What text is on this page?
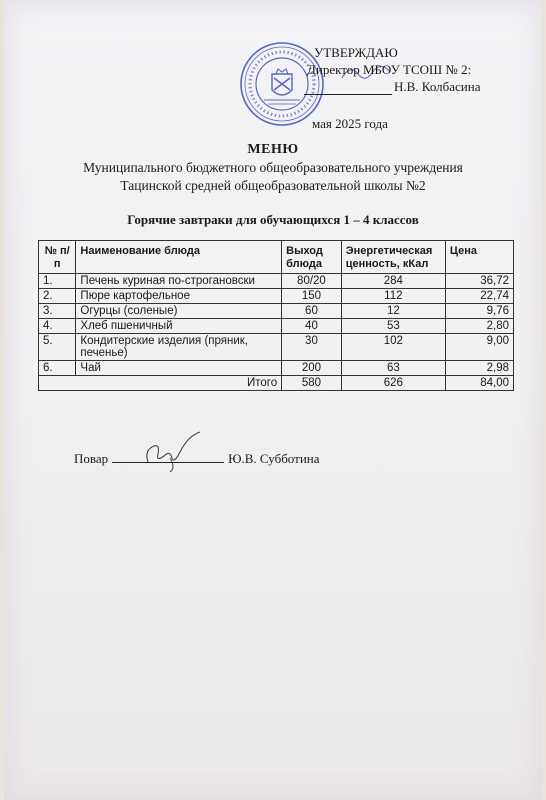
УТВЕРЖДАЮ
Директор МБОУ ТСОШ № 2:
Н.В. Колбасина
мая 2025 года
МЕНЮ
Муниципального бюджетного общеобразовательного учреждения
Тацинской средней общеобразовательной школы №2
Горячие завтраки для обучающихся 1 – 4 классов
№ п/п	Наименование блюда	Выход блюда	Энергетическая ценность, кКал	Цена
1.	Печень куриная по-строгановски	80/20	284	36,72
2.	Пюре картофельное	150	112	22,74
3.	Огурцы (соленые)	60	12	9,76
4.	Хлеб пшеничный	40	53	2,80
5.	Кондитерские изделия (пряник, печенье)	30	102	9,00
6.	Чай	200	63	2,98
Итого		580	626	84,00
Повар	Ю.В. Субботина
